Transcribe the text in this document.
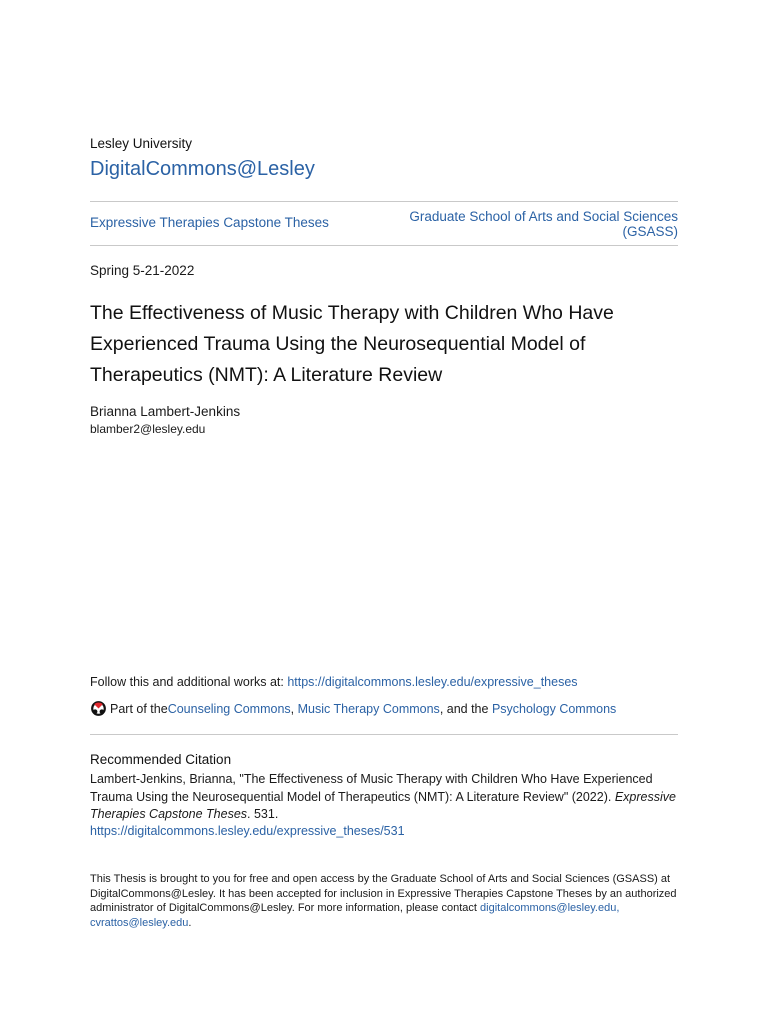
Lesley University
DigitalCommons@Lesley
Expressive Therapies Capstone Theses	Graduate School of Arts and Social Sciences
(GSASS)
Spring 5-21-2022
The Effectiveness of Music Therapy with Children Who Have Experienced Trauma Using the Neurosequential Model of Therapeutics (NMT): A Literature Review
Brianna Lambert-Jenkins
blamber2@lesley.edu
Follow this and additional works at: https://digitalcommons.lesley.edu/expressive_theses
Part of the Counseling Commons , Music Therapy Commons , and the Psychology Commons
Recommended Citation
Lambert-Jenkins, Brianna, "The Effectiveness of Music Therapy with Children Who Have Experienced Trauma Using the Neurosequential Model of Therapeutics (NMT): A Literature Review" (2022). Expressive Therapies Capstone Theses. 531.
https://digitalcommons.lesley.edu/expressive_theses/531
This Thesis is brought to you for free and open access by the Graduate School of Arts and Social Sciences (GSASS) at DigitalCommons@Lesley. It has been accepted for inclusion in Expressive Therapies Capstone Theses by an authorized administrator of DigitalCommons@Lesley. For more information, please contact digitalcommons@lesley.edu, cvrattos@lesley.edu.
